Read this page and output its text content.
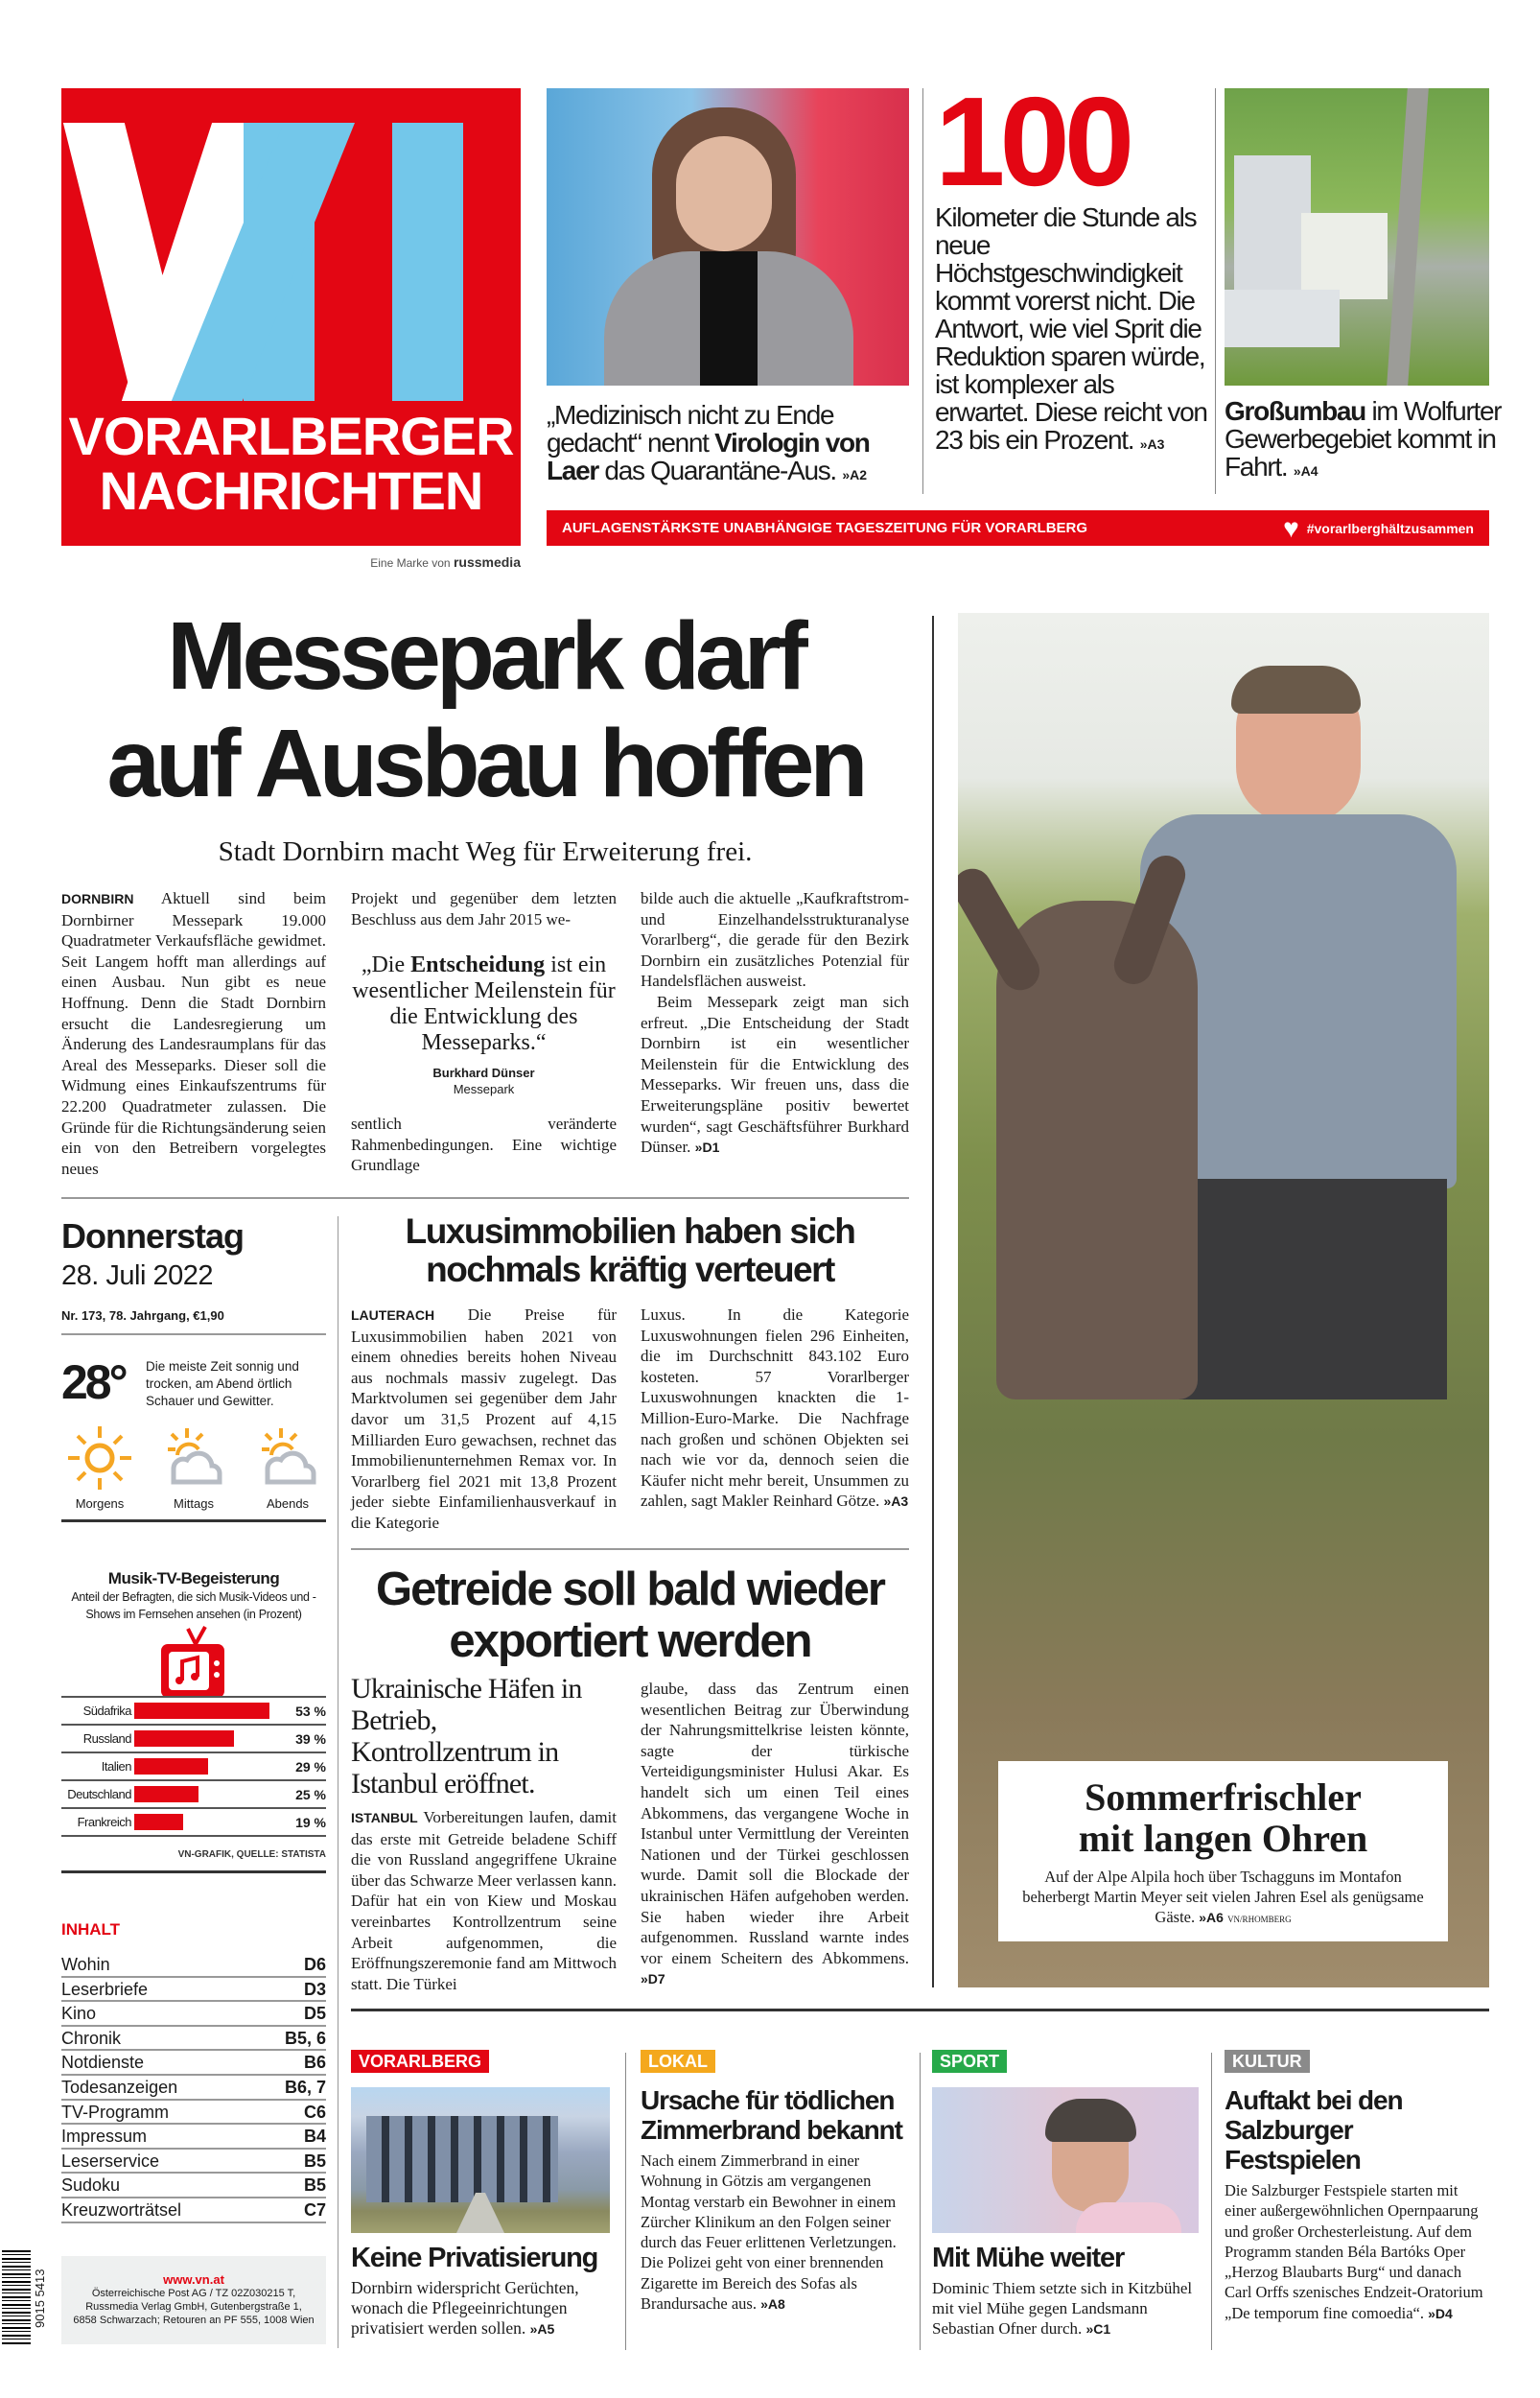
VORARLBERGER
NACHRICHTEN
Eine Marke von russmedia
„Medizinisch nicht zu Ende gedacht“ nennt Virologin von Laer das Quarantäne-Aus. »A2
100
Kilometer die Stunde als neue Höchstgeschwindigkeit kommt vorerst nicht. Die Antwort, wie viel Sprit die Reduktion sparen würde, ist komplexer als erwartet. Diese reicht von 23 bis ein Prozent. »A3
Großumbau im Wolfurter Gewerbegebiet kommt in Fahrt. »A4
AUFLAGENSTÄRKSTE UNABHÄNGIGE TAGESZEITUNG FÜR VORARLBERG	♥ #vorarlberghältzusammen
Messepark darf
auf Ausbau hoffen
Stadt Dornbirn macht Weg für Erweiterung frei.
DORNBIRN Aktuell sind beim Dornbirner Messepark 19.000 Quadratmeter Verkaufsfläche gewidmet. Seit Langem hofft man allerdings auf einen Ausbau. Nun gibt es neue Hoffnung. Denn die Stadt Dornbirn ersucht die Landesregierung um Änderung des Landesraumplans für das Areal des Messeparks. Dieser soll die Widmung eines Einkaufszentrums für 22.200 Quadratmeter zulassen. Die Gründe für die Richtungsänderung seien ein von den Betreibern vorgelegtes neues
Projekt und gegenüber dem letzten Beschluss aus dem Jahr 2015 we-
„Die Entscheidung ist ein wesentlicher Meilenstein für die Entwicklung des Messeparks.“
Burkhard Dünser
Messepark
sentlich veränderte Rahmenbedingungen. Eine wichtige Grundlage

bilde auch die aktuelle „Kaufkraftstrom- und Einzelhandelsstrukturanalyse Vorarlberg“, die gerade für den Bezirk Dornbirn ein zusätzliches Potenzial für Handelsflächen ausweist.

Beim Messepark zeigt man sich erfreut. „Die Entscheidung der Stadt Dornbirn ist ein wesentlicher Meilenstein für die Entwicklung des Messeparks. Wir freuen uns, dass die Erweiterungspläne positiv bewertet wurden“, sagt Geschäftsführer Burkhard Dünser. »D1

Donnerstag
28. Juli 2022
Nr. 173, 78. Jahrgang, €1,90
28° Die meiste Zeit sonnig und trocken, am Abend örtlich Schauer und Gewitter.
Morgens	Mittags	Abends
Musik-TV-Begeisterung
Anteil der Befragten, die sich Musik-Videos und -Shows im Fernsehen ansehen (in Prozent)
Südafrika	53 %
Russland	39 %
Italien	29 %
Deutschland	25 %
Frankreich	19 %
VN-GRAFIK, QUELLE: STATISTA
INHALT
Wohin	D6
Leserbriefe	D3
Kino	D5
Chronik	B5, 6
Notdienste	B6
Todesanzeigen	B6, 7
TV-Programm	C6
Impressum	B4
Leserservice	B5
Sudoku	B5
Kreuzworträtsel	C7
9015 5413	www.vn.at
Österreichische Post AG / TZ 02Z030215 T,
Russmedia Verlag GmbH, Gutenbergstraße 1,
6858 Schwarzach; Retouren an PF 555, 1008 Wien
Luxusimmobilien haben sich nochmals kräftig verteuert
LAUTERACH Die Preise für Luxusimmobilien haben 2021 von einem ohnedies bereits hohen Niveau aus nochmals massiv zugelegt. Das Marktvolumen sei gegenüber dem Jahr davor um 31,5 Prozent auf 4,15 Milliarden Euro gewachsen, rechnet das Immobilienunternehmen Remax vor. In Vorarlberg fiel 2021 mit 13,8 Prozent jeder siebte Einfamilienhausverkauf in die Kategorie
Luxus. In die Kategorie Luxuswohnungen fielen 296 Einheiten, die im Durchschnitt 843.102 Euro kosteten. 57 Vorarlberger Luxuswohnungen knackten die 1-Million-Euro-Marke. Die Nachfrage nach großen und schönen Objekten sei nach wie vor da, dennoch seien die Käufer nicht mehr bereit, Unsummen zu zahlen, sagt Makler Reinhard Götze. »A3
Getreide soll bald wieder exportiert werden
Ukrainische Häfen in Betrieb, Kontrollzentrum in Istanbul eröffnet.
ISTANBUL Vorbereitungen laufen, damit das erste mit Getreide beladene Schiff die von Russland angegriffene Ukraine über das Schwarze Meer verlassen kann. Dafür hat ein von Kiew und Moskau vereinbartes Kontrollzentrum seine Arbeit aufgenommen, die Eröffnungszeremonie fand am Mittwoch statt. Die Türkei
glaube, dass das Zentrum einen wesentlichen Beitrag zur Überwindung der Nahrungsmittelkrise leisten könnte, sagte der türkische Verteidigungsminister Hulusi Akar. Es handelt sich um einen Teil eines Abkommens, das vergangene Woche in Istanbul unter Vermittlung der Vereinten Nationen und der Türkei geschlossen wurde. Damit soll die Blockade der ukrainischen Häfen aufgehoben werden. Sie haben wieder ihre Arbeit aufgenommen. Russland warnte indes vor einem Scheitern des Abkommens. »D7
Sommerfrischler
mit langen Ohren
Auf der Alpe Alpila hoch über Tschagguns im Montafon beherbergt Martin Meyer seit vielen Jahren Esel als genügsame Gäste. »A6 VN/RHOMBERG
VORARLBERG
Keine Privatisierung
Dornbirn widerspricht Gerüchten, wonach die Pflegeeinrichtungen privatisiert werden sollen. »A5
LOKAL
Ursache für tödlichen Zimmerbrand bekannt
Nach einem Zimmerbrand in einer Wohnung in Götzis am vergangenen Montag verstarb ein Bewohner in einem Zürcher Klinikum an den Folgen seiner durch das Feuer erlittenen Verletzungen. Die Polizei geht von einer brennenden Zigarette im Bereich des Sofas als Brandursache aus. »A8
SPORT
Mit Mühe weiter
Dominic Thiem setzte sich in Kitzbühel mit viel Mühe gegen Landsmann Sebastian Ofner durch. »C1
KULTUR
Auftakt bei den Salzburger Festspielen
Die Salzburger Festspiele starten mit einer außergewöhnlichen Opernpaarung und großer Orchesterleistung. Auf dem Programm standen Béla Bartóks Oper „Herzog Blaubarts Burg“ und danach Carl Orffs szenisches Endzeit-Oratorium „De temporum fine comoedia“. »D4
